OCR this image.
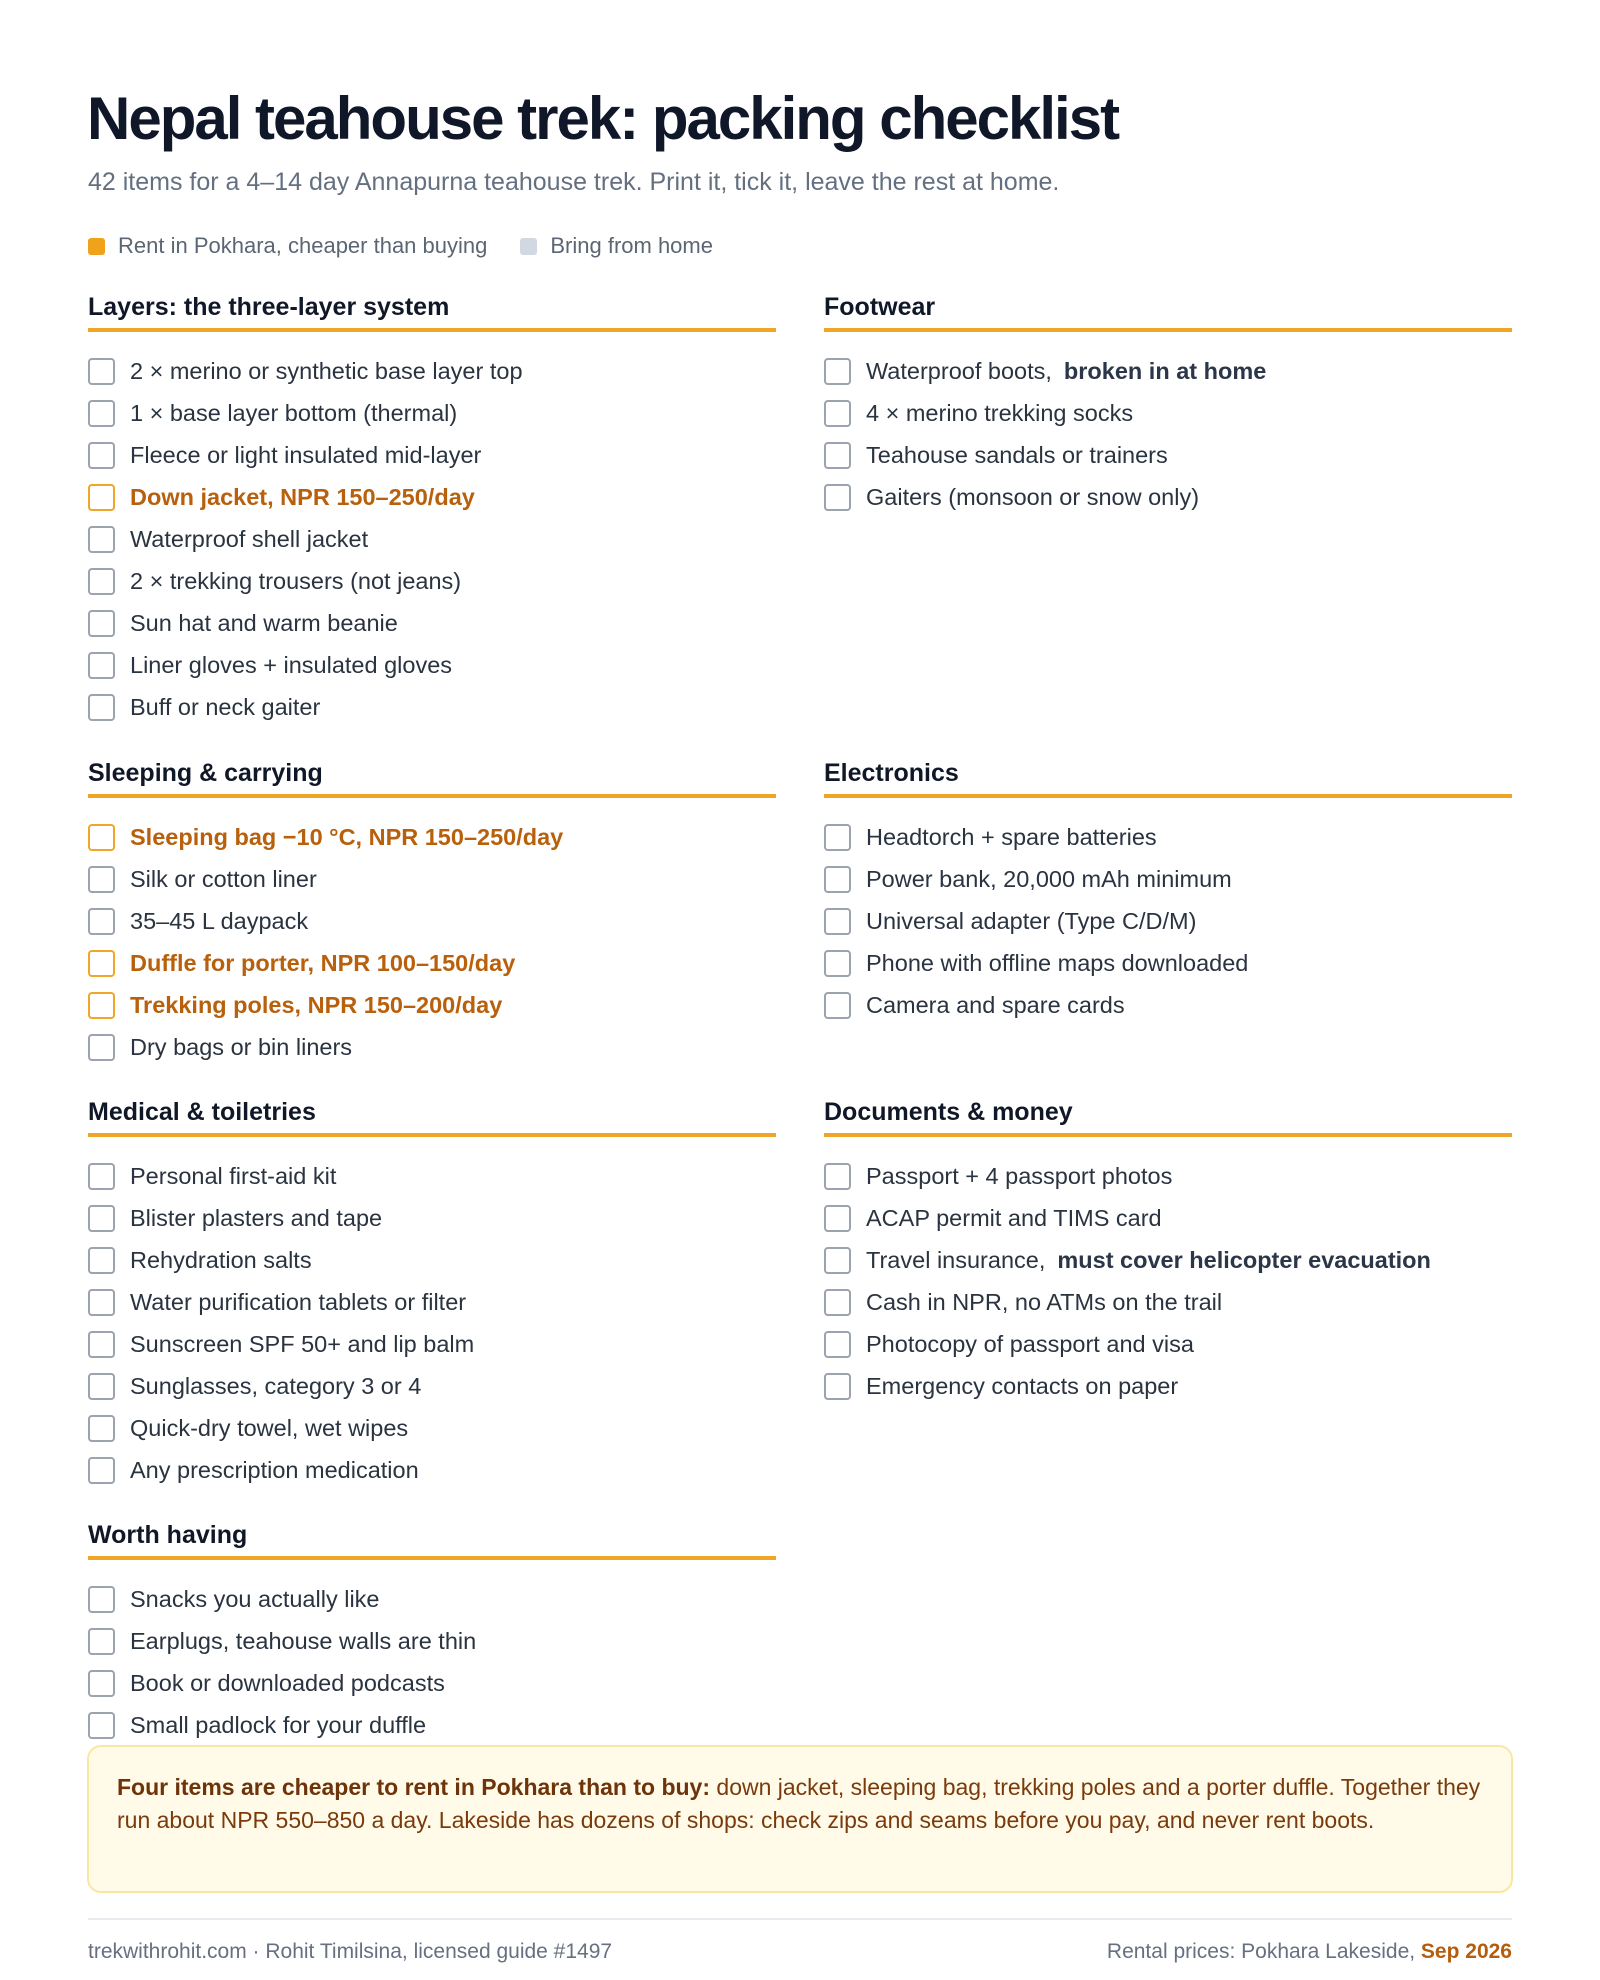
Nepal teahouse trek: packing checklist
42 items for a 4–14 day Annapurna teahouse trek. Print it, tick it, leave the rest at home.
Rent in Pokhara, cheaper than buying	Bring from home
Layers: the three-layer system
2 × merino or synthetic base layer top
1 × base layer bottom (thermal)
Fleece or light insulated mid-layer
Down jacket, NPR 150–250/day
Waterproof shell jacket
2 × trekking trousers (not jeans)
Sun hat and warm beanie
Liner gloves + insulated gloves
Buff or neck gaiter
Footwear
Waterproof boots, broken in at home
4 × merino trekking socks
Teahouse sandals or trainers
Gaiters (monsoon or snow only)
Sleeping & carrying
Sleeping bag −10 °C, NPR 150–250/day
Silk or cotton liner
35–45 L daypack
Duffle for porter, NPR 100–150/day
Trekking poles, NPR 150–200/day
Dry bags or bin liners
Electronics
Headtorch + spare batteries
Power bank, 20,000 mAh minimum
Universal adapter (Type C/D/M)
Phone with offline maps downloaded
Camera and spare cards
Medical & toiletries
Personal first-aid kit
Blister plasters and tape
Rehydration salts
Water purification tablets or filter
Sunscreen SPF 50+ and lip balm
Sunglasses, category 3 or 4
Quick-dry towel, wet wipes
Any prescription medication
Documents & money
Passport + 4 passport photos
ACAP permit and TIMS card
Travel insurance, must cover helicopter evacuation
Cash in NPR, no ATMs on the trail
Photocopy of passport and visa
Emergency contacts on paper
Worth having
Snacks you actually like
Earplugs, teahouse walls are thin
Book or downloaded podcasts
Small padlock for your duffle
Four items are cheaper to rent in Pokhara than to buy: down jacket, sleeping bag, trekking poles and a porter duffle. Together they run about NPR 550–850 a day. Lakeside has dozens of shops: check zips and seams before you pay, and never rent boots.
trekwithrohit.com · Rohit Timilsina, licensed guide #1497	Rental prices: Pokhara Lakeside, Sep 2026
